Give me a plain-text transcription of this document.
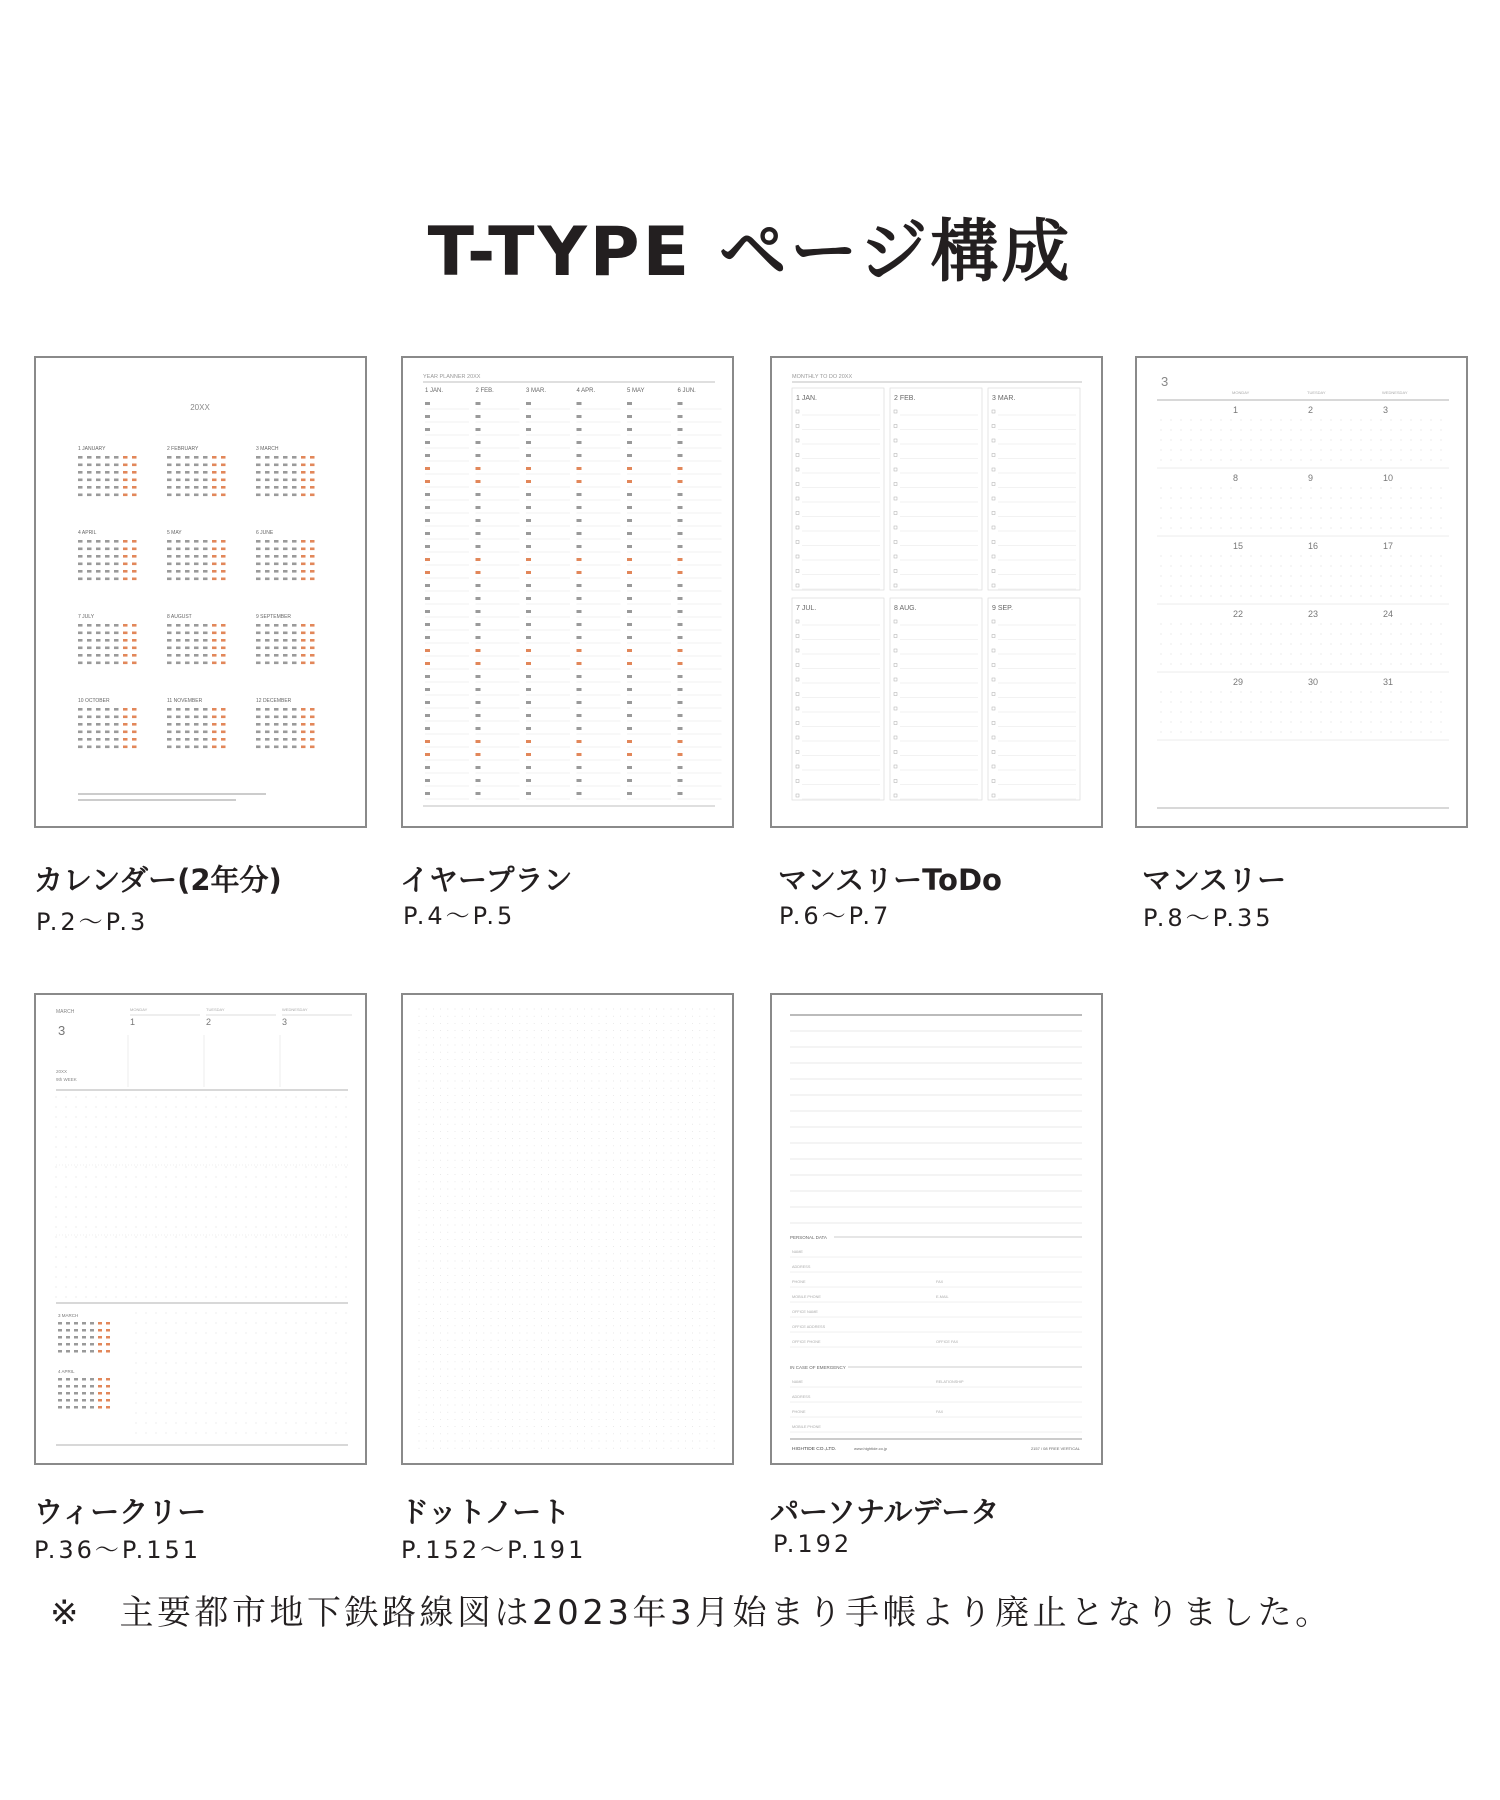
T-TYPE ページ構成
20XX
1 JANUARY	2 FEBRUARY	3 MARCH
4 APRIL	5 MAY	6 JUNE
7 JULY	8 AUGUST	9 SEPTEMBER
10 OCTOBER	11 NOVEMBER	12 DECEMBER
カレンダー(2年分)
P.2～P.3
YEAR PLANNER 20XX
1 JAN.	2 FEB.	3 MAR.	4 APR.	5 MAY	6 JUN.
イヤープラン
P.4～P.5
MONTHLY TO DO 20XX
1 JAN.	2 FEB.	3 MAR.
7 JUL.	8 AUG.	9 SEP.
マンスリーToDo
P.6～P.7
3
MONDAY	TUESDAY	WEDNESDAY
1	2	3
8	9	10
15	16	17
22	23	24
29	30	31
マンスリー
P.8～P.35
MARCH
3
20XX
9th WEEK
MONDAY
1
TUESDAY
2
WEDNESDAY
3
3 MARCH
4 APRIL
ウィークリー
P.36～P.151
ドットノート
P.152～P.191
PERSONAL DATA
NAME
ADDRESS
PHONE
MOBILE PHONE
OFFICE NAME
OFFICE ADDRESS
OFFICE PHONE
FAX
E-MAIL
OFFICE FAX
IN CASE OF EMERGENCY
NAME
ADDRESS
PHONE
MOBILE PHONE
RELATIONSHIP
FAX
HIGHTIDE CO.,LTD.	www.hightide.co.jp	2157 / 08 FREE VERTICAL
パーソナルデータ
P.192
※　主要都市地下鉄路線図は2023年3月始まり手帳より廃止となりました。
